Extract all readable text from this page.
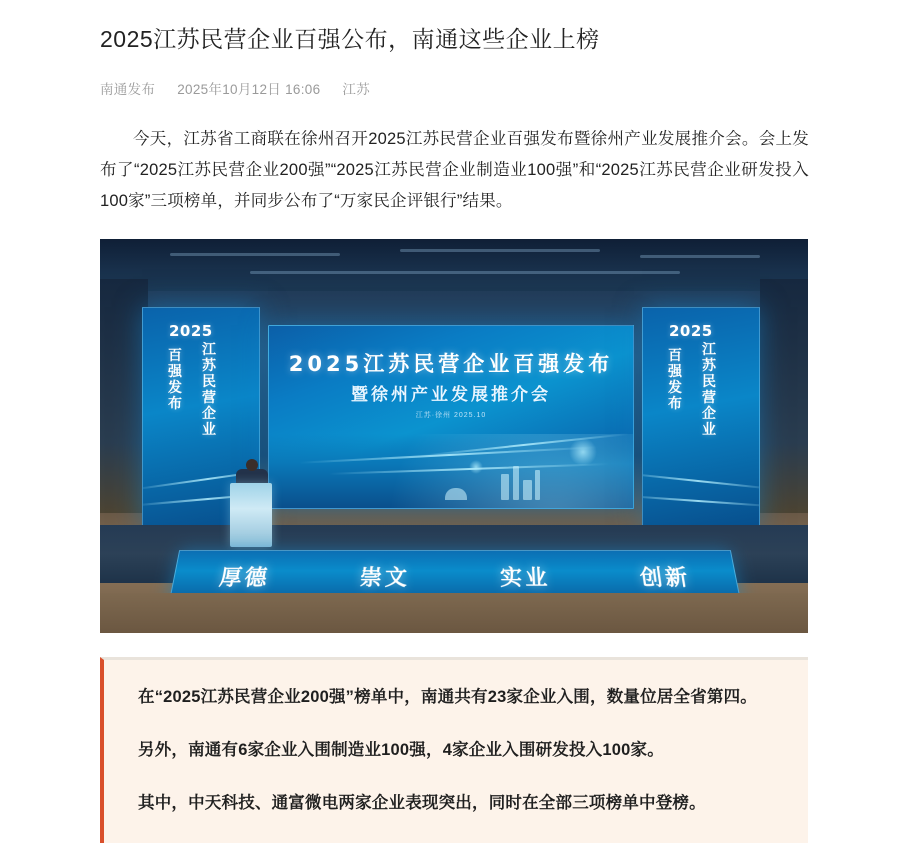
2025江苏民营企业百强公布，南通这些企业上榜
南通发布 2025年10月12日 16:06 江苏

今天，江苏省工商联在徐州召开2025江苏民营企业百强发布暨徐州产业发展推介会。会上发布了“2025江苏民营企业200强”“2025江苏民营企业制造业100强”和“2025江苏民营企业研发投入100家”三项榜单，并同步公布了“万家民企评银行”结果。

2025
百强发布
江苏民营企业
2025江苏民营企业百强发布
暨徐州产业发展推介会
江苏·徐州 2025.10
2025
百强发布
江苏民营企业
厚德	崇文	实业	创新

在“2025江苏民营企业200强”榜单中，南通共有23家企业入围，数量位居全省第四。

另外，南通有6家企业入围制造业100强，4家企业入围研发投入100家。

其中，中天科技、通富微电两家企业表现突出，同时在全部三项榜单中登榜。
